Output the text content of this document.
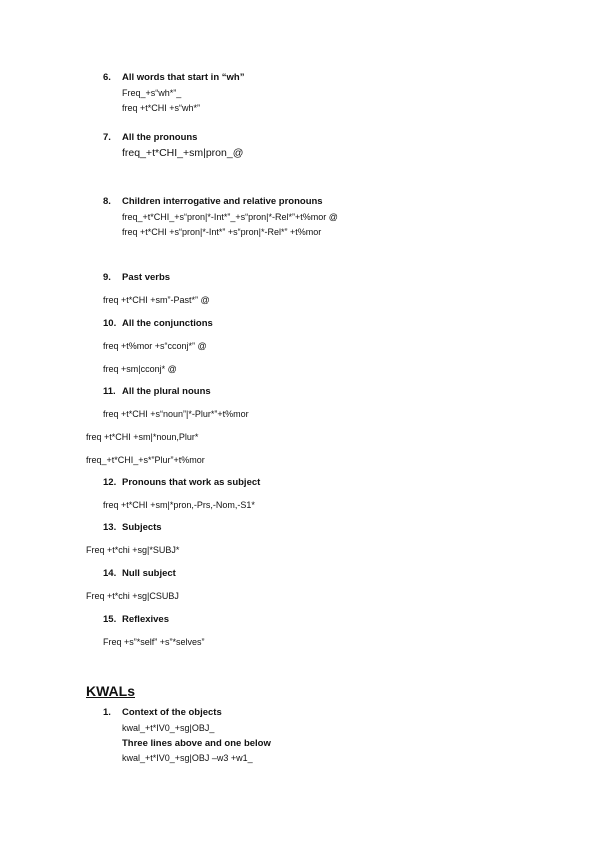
6. All words that start in “wh”
Freq_+s“wh*”_
freq +t*CHI +s“wh*”
7. All the pronouns
freq_+t*CHI_+sm|pron_@
8. Children interrogative and relative pronouns
freq_+t*CHI_+s“pron|*-Int*”_+s“pron|*-Rel*”+t%mor @
freq +t*CHI +s“pron|*-Int*” +s“pron|*-Rel*” +t%mor
9. Past verbs
freq +t*CHI +sm”-Past*” @
10. All the conjunctions
freq +t%mor +s“cconj*” @
freq +sm|cconj* @
11. All the plural nouns
freq +t*CHI +s“noun”|*-Plur*”+t%mor
freq +t*CHI +sm|*noun,Plur*
freq_+t*CHI_+s*”Plur”+t%mor
12. Pronouns that work as subject
freq +t*CHI +sm|*pron,-Prs,-Nom,-S1*
13. Subjects
Freq +t*chi +sg|*SUBJ*
14. Null subject
Freq +t*chi +sg|CSUBJ
15. Reflexives
Freq +s”*self” +s”*selves”
KWALs
1. Context of the objects
kwal_+t*IV0_+sg|OBJ_
Three lines above and one below
kwal_+t*IV0_+sg|OBJ –w3 +w1_
